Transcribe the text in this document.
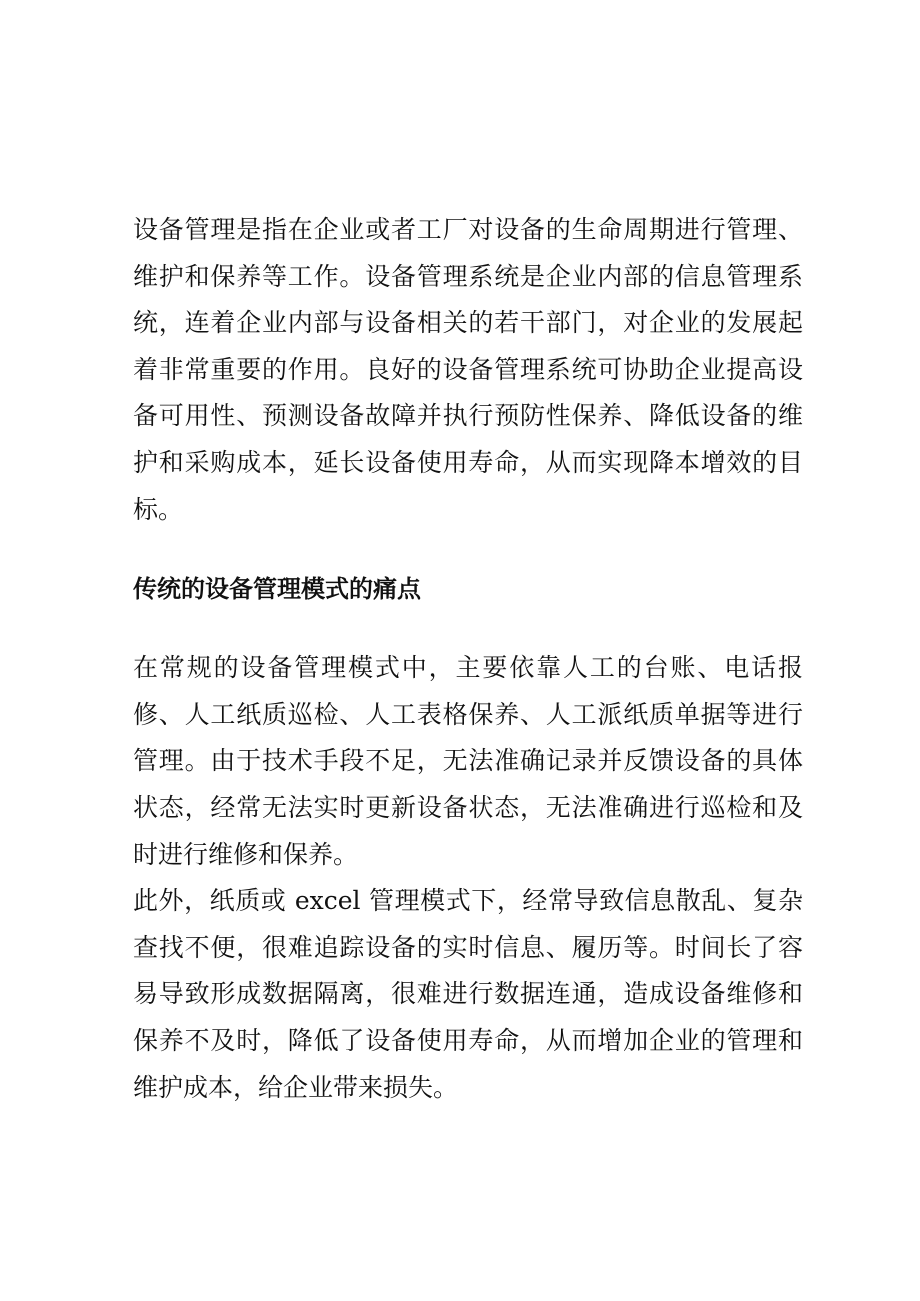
设备管理是指在企业或者工厂对设备的生命周期进行管理、维护和保养等工作。设备管理系统是企业内部的信息管理系统，连着企业内部与设备相关的若干部门，对企业的发展起着非常重要的作用。良好的设备管理系统可协助企业提高设备可用性、预测设备故障并执行预防性保养、降低设备的维护和采购成本，延长设备使用寿命，从而实现降本增效的目标。

传统的设备管理模式的痛点

在常规的设备管理模式中，主要依靠人工的台账、电话报修、人工纸质巡检、人工表格保养、人工派纸质单据等进行管理。由于技术手段不足，无法准确记录并反馈设备的具体状态，经常无法实时更新设备状态，无法准确进行巡检和及时进行维修和保养。

此外，纸质或 excel 管理模式下，经常导致信息散乱、复杂查找不便，很难追踪设备的实时信息、履历等。时间长了容易导致形成数据隔离，很难进行数据连通，造成设备维修和保养不及时，降低了设备使用寿命，从而增加企业的管理和维护成本，给企业带来损失。
